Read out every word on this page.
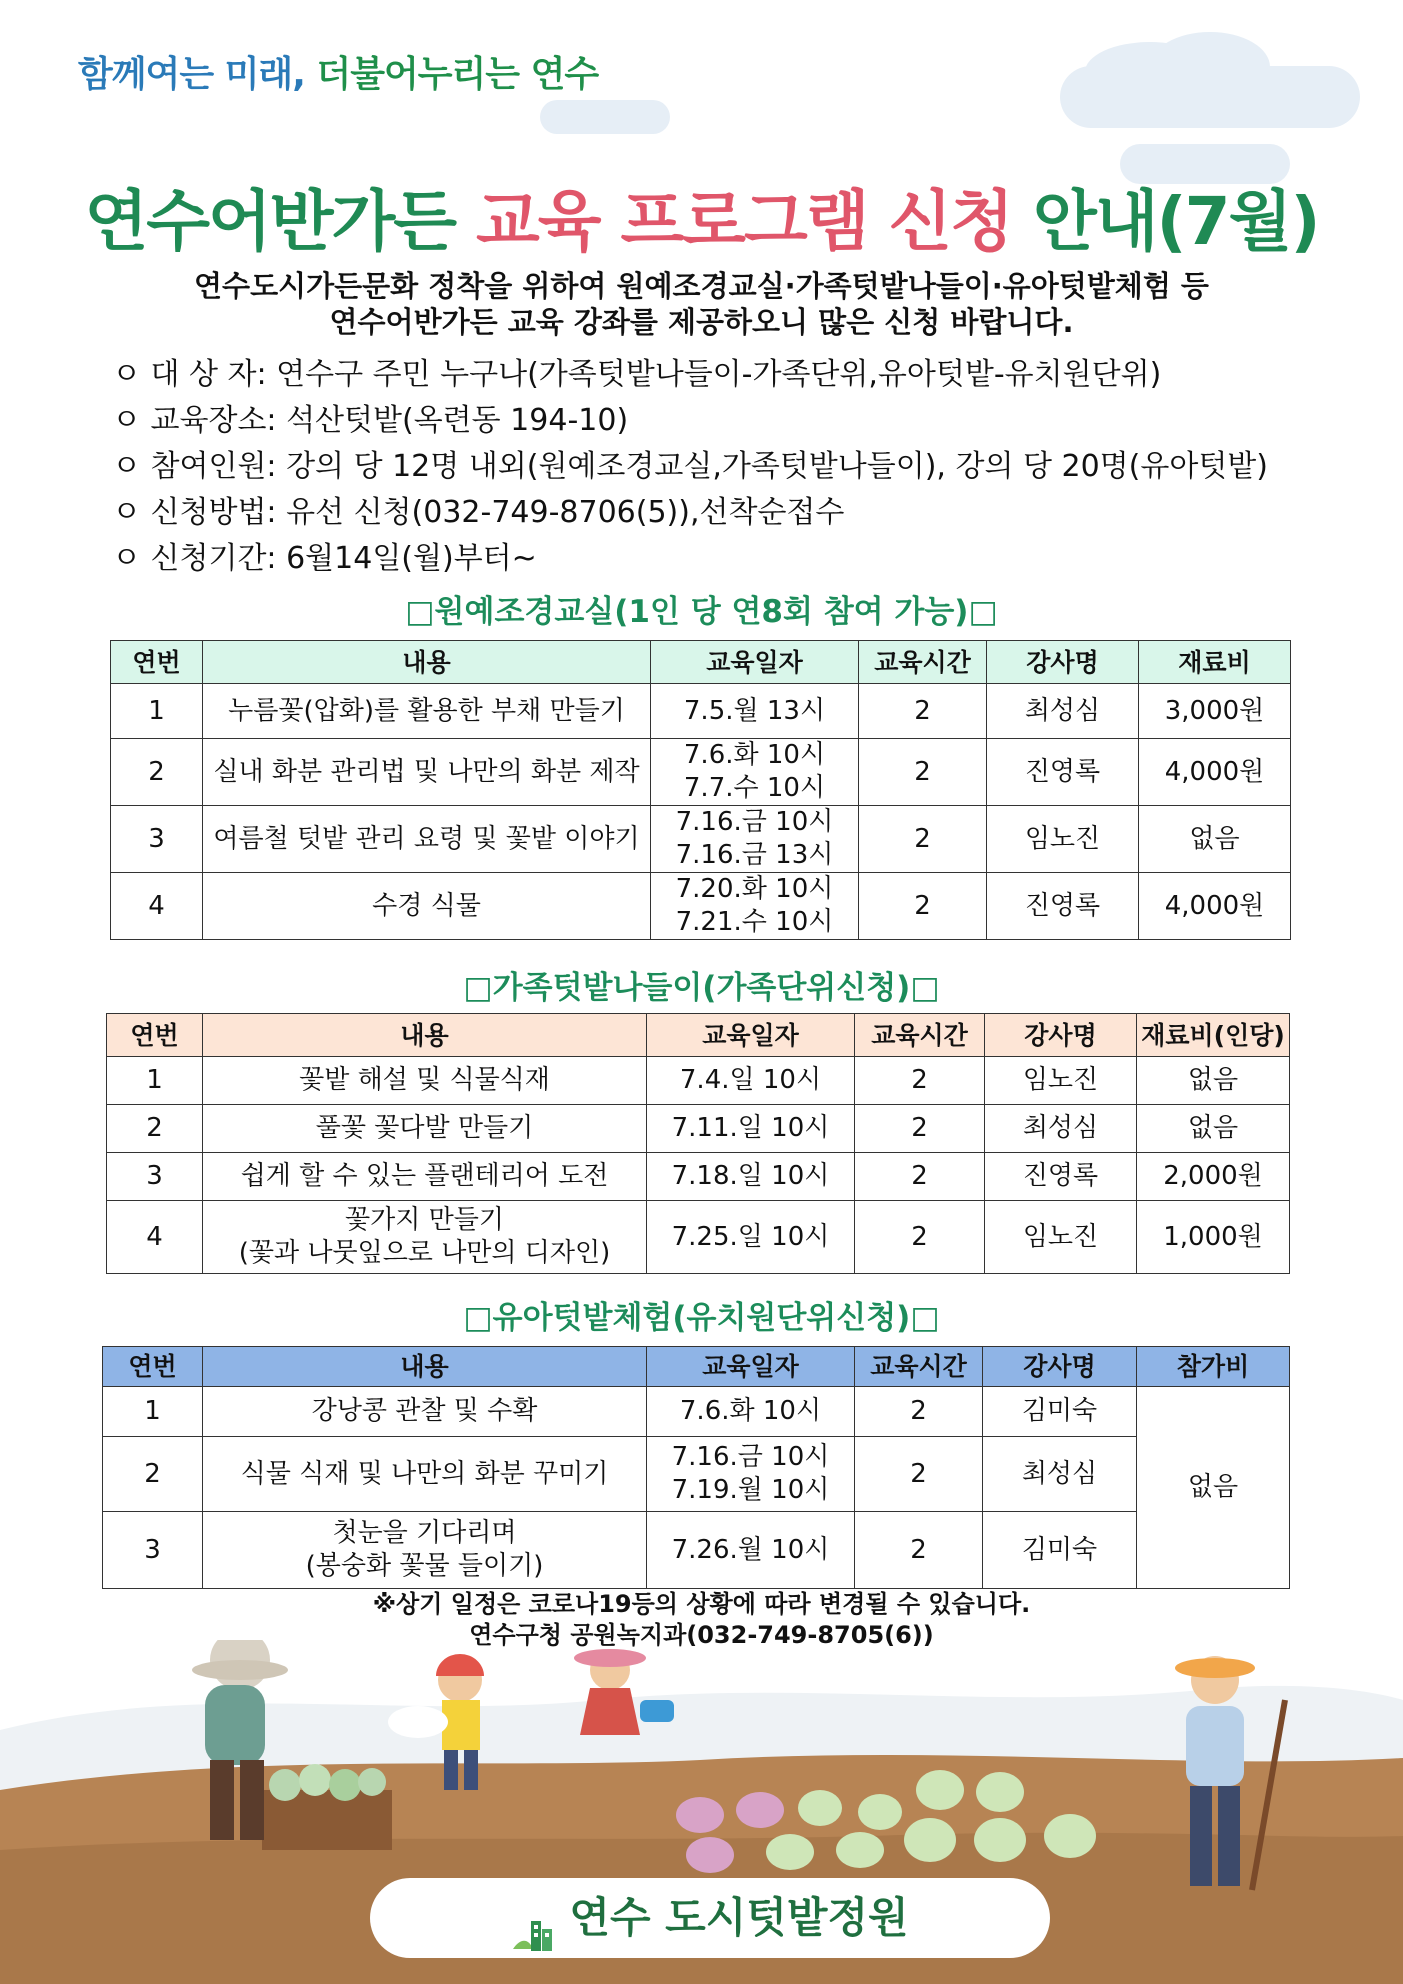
함께여는 미래, 더불어누리는 연수
연수어반가든 교육 프로그램 신청 안내(7월)
연수도시가든문화 정착을 위하여 원예조경교실·가족텃밭나들이·유아텃밭체험 등
연수어반가든 교육 강좌를 제공하오니 많은 신청 바랍니다.
ㅇ 대 상 자: 연수구 주민 누구나(가족텃밭나들이-가족단위,유아텃밭-유치원단위)
ㅇ 교육장소: 석산텃밭(옥련동 194-10)
ㅇ 참여인원: 강의 당 12명 내외(원예조경교실,가족텃밭나들이), 강의 당 20명(유아텃밭)
ㅇ 신청방법: 유선 신청(032-749-8706(5)),선착순접수
ㅇ 신청기간: 6월14일(월)부터~
□원예조경교실(1인 당 연8회 참여 가능)□
연번	내용	교육일자	교육시간	강사명	재료비
1	누름꽃(압화)를 활용한 부채 만들기	7.5.월 13시	2	최성심	3,000원
2	실내 화분 관리법 및 나만의 화분 제작	7.6.화 10시
7.7.수 10시	2	진영록	4,000원
3	여름철 텃밭 관리 요령 및 꽃밭 이야기	7.16.금 10시
7.16.금 13시	2	임노진	없음
4	수경 식물	7.20.화 10시
7.21.수 10시	2	진영록	4,000원
□가족텃밭나들이(가족단위신청)□
연번	내용	교육일자	교육시간	강사명	재료비(인당)
1	꽃밭 해설 및 식물식재	7.4.일 10시	2	임노진	없음
2	풀꽃 꽃다발 만들기	7.11.일 10시	2	최성심	없음
3	쉽게 할 수 있는 플랜테리어 도전	7.18.일 10시	2	진영록	2,000원
4	꽃가지 만들기
(꽃과 나뭇잎으로 나만의 디자인)	7.25.일 10시	2	임노진	1,000원
□유아텃밭체험(유치원단위신청)□
연번	내용	교육일자	교육시간	강사명	참가비
1	강낭콩 관찰 및 수확	7.6.화 10시	2	김미숙	없음
2	식물 식재 및 나만의 화분 꾸미기	7.16.금 10시
7.19.월 10시	2	최성심	
3	첫눈을 기다리며
(봉숭화 꽃물 들이기)	7.26.월 10시	2	김미숙	
※상기 일정은 코로나19등의 상황에 따라 변경될 수 있습니다.
연수구청 공원녹지과(032-749-8705(6))
연수 도시텃밭정원
